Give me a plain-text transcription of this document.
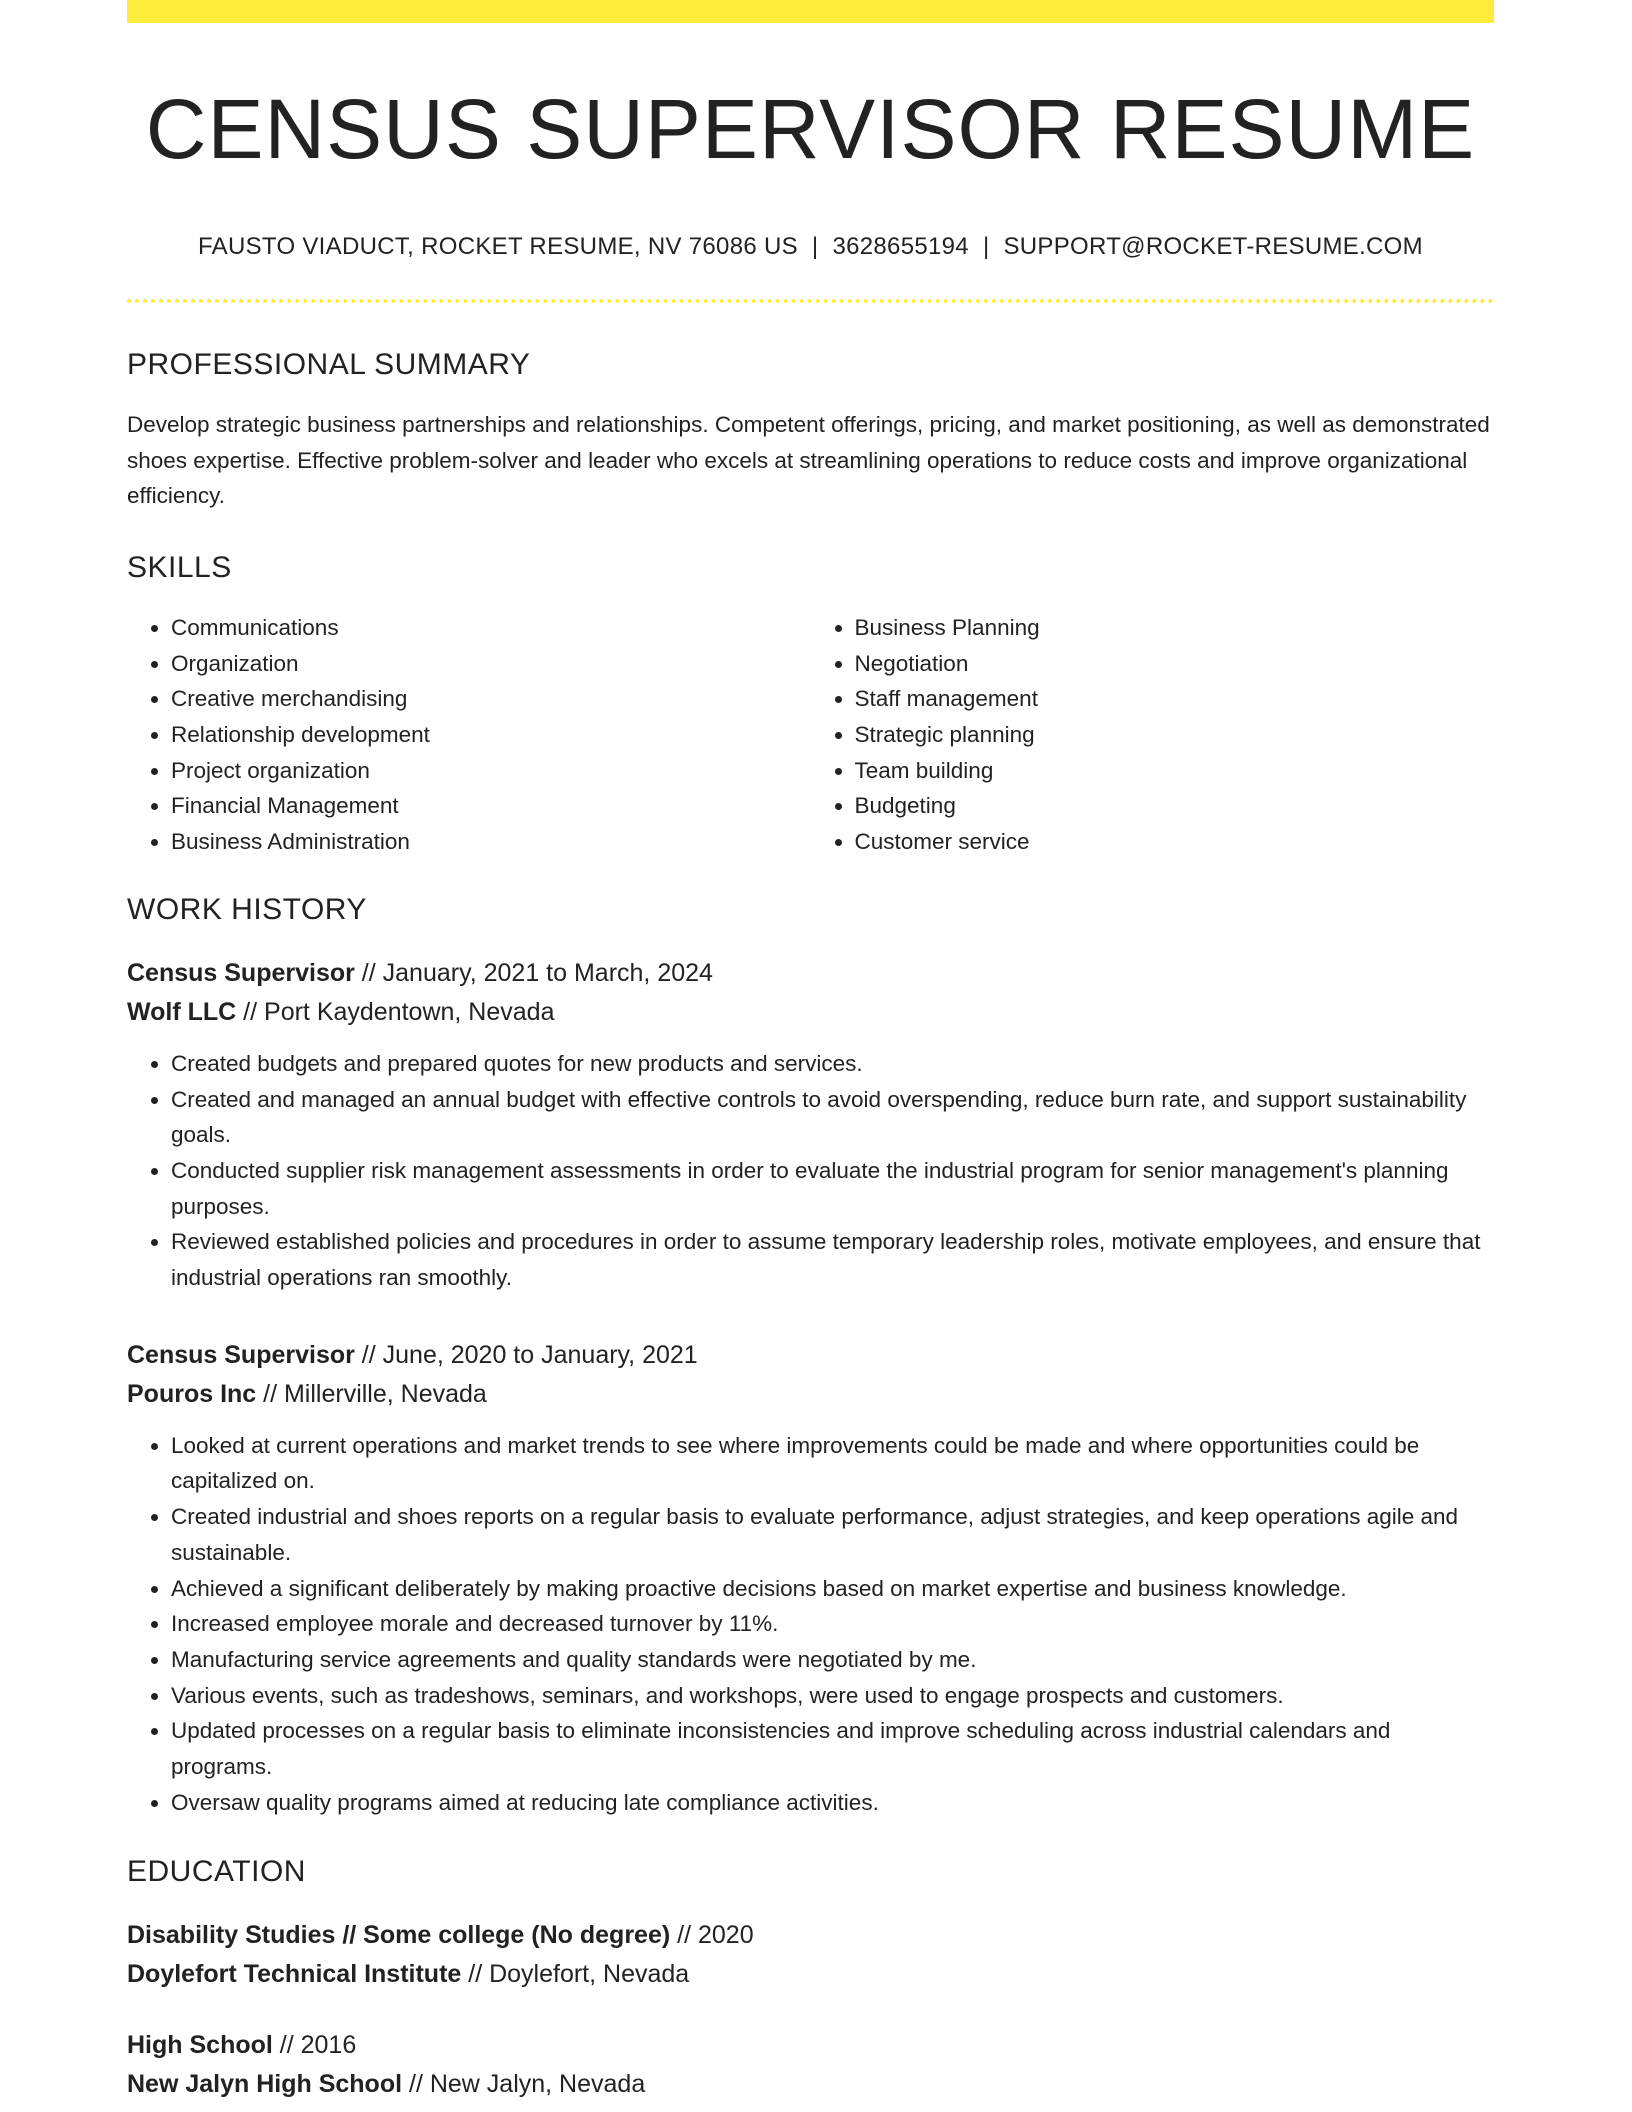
CENSUS SUPERVISOR RESUME
FAUSTO VIADUCT, ROCKET RESUME, NV 76086 US | 3628655194 | SUPPORT@ROCKET-RESUME.COM
PROFESSIONAL SUMMARY

Develop strategic business partnerships and relationships. Competent offerings, pricing, and market positioning, as well as demonstrated shoes expertise. Effective problem-solver and leader who excels at streamlining operations to reduce costs and improve organizational efficiency.

SKILLS
• Communications
• Organization
• Creative merchandising
• Relationship development
• Project organization
• Financial Management
• Business Administration
• Business Planning
• Negotiation
• Staff management
• Strategic planning
• Team building
• Budgeting
• Customer service
WORK HISTORY
Census Supervisor // January, 2021 to March, 2024
Wolf LLC // Port Kaydentown, Nevada
• Created budgets and prepared quotes for new products and services.
• Created and managed an annual budget with effective controls to avoid overspending, reduce burn rate, and support sustainability goals.
• Conducted supplier risk management assessments in order to evaluate the industrial program for senior management's planning purposes.
• Reviewed established policies and procedures in order to assume temporary leadership roles, motivate employees, and ensure that industrial operations ran smoothly.
Census Supervisor // June, 2020 to January, 2021
Pouros Inc // Millerville, Nevada
• Looked at current operations and market trends to see where improvements could be made and where opportunities could be capitalized on.
• Created industrial and shoes reports on a regular basis to evaluate performance, adjust strategies, and keep operations agile and sustainable.
• Achieved a significant deliberately by making proactive decisions based on market expertise and business knowledge.
• Increased employee morale and decreased turnover by 11%.
• Manufacturing service agreements and quality standards were negotiated by me.
• Various events, such as tradeshows, seminars, and workshops, were used to engage prospects and customers.
• Updated processes on a regular basis to eliminate inconsistencies and improve scheduling across industrial calendars and programs.
• Oversaw quality programs aimed at reducing late compliance activities.
EDUCATION
Disability Studies // Some college (No degree) // 2020
Doylefort Technical Institute // Doylefort, Nevada
High School // 2016
New Jalyn High School // New Jalyn, Nevada
